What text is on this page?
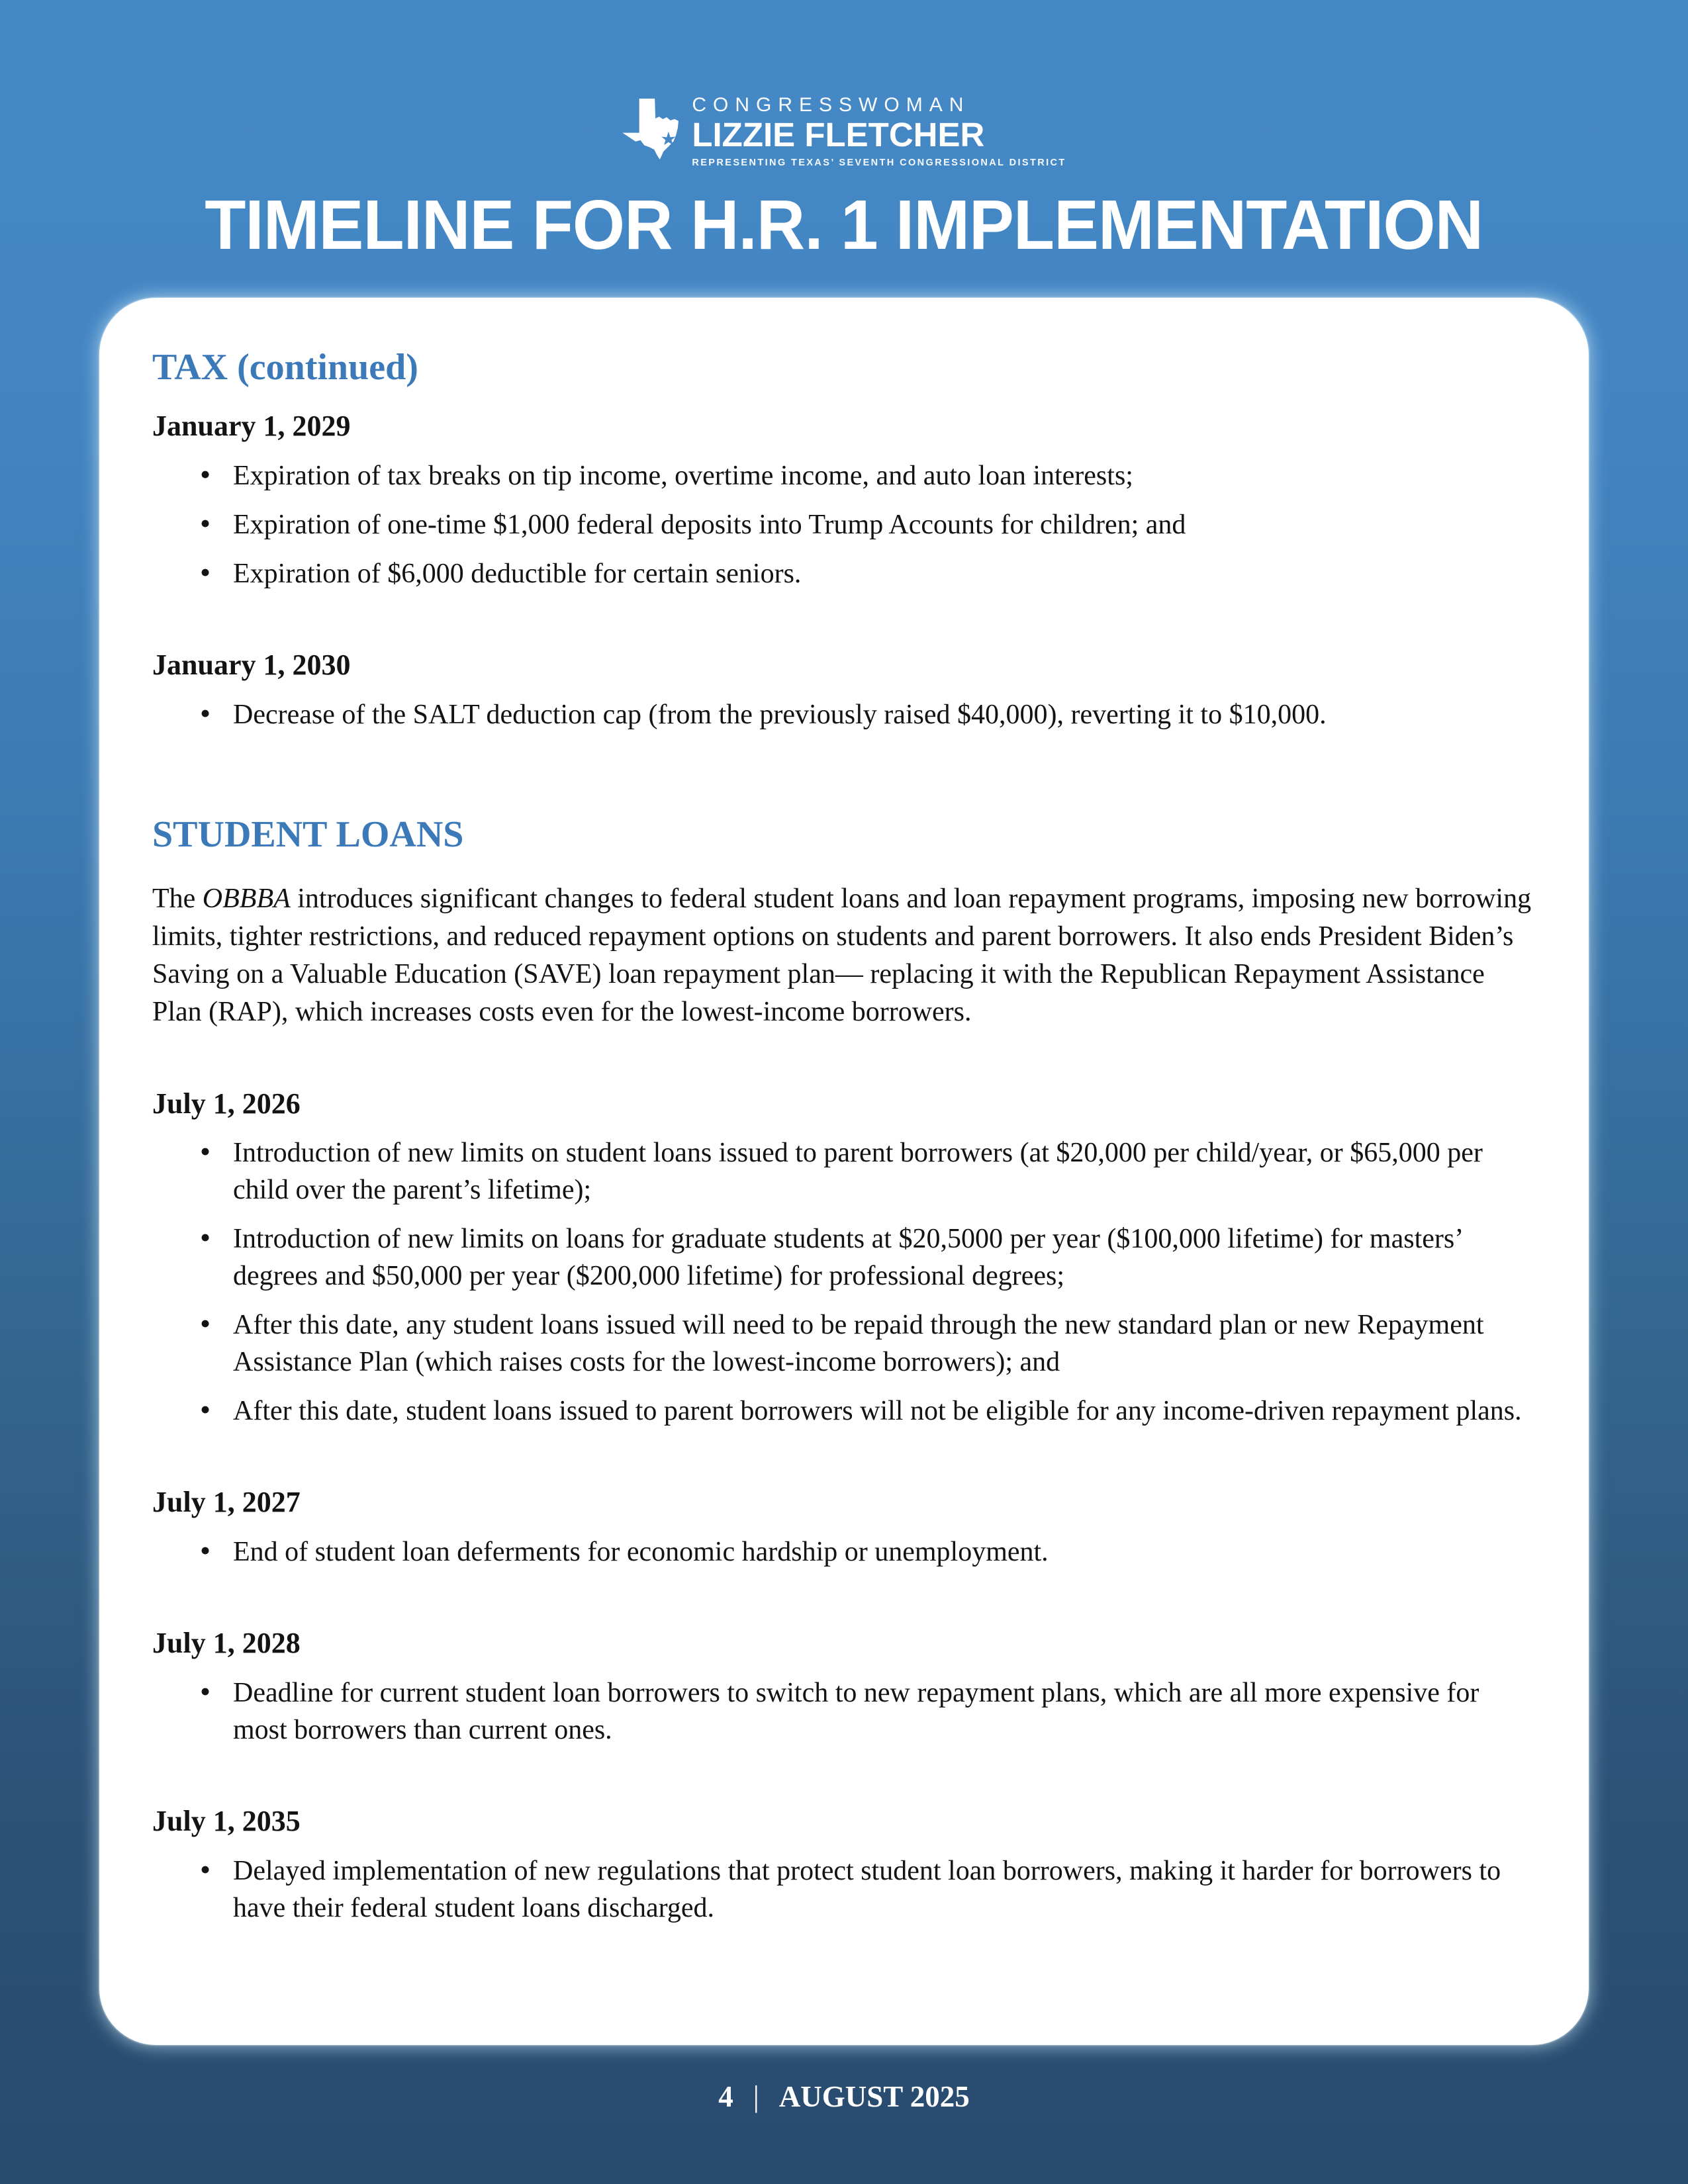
CONGRESSWOMAN
LIZZIE FLETCHER
REPRESENTING TEXAS’ SEVENTH CONGRESSIONAL DISTRICT
TIMELINE FOR H.R. 1 IMPLEMENTATION
TAX (continued)
January 1, 2029
• Expiration of tax breaks on tip income, overtime income, and auto loan interests;
• Expiration of one-time $1,000 federal deposits into Trump Accounts for children; and
• Expiration of $6,000 deductible for certain seniors.
January 1, 2030
• Decrease of the SALT deduction cap (from the previously raised $40,000), reverting it to $10,000.
STUDENT LOANS

The OBBBA introduces significant changes to federal student loans and loan repayment programs, imposing new borrowing limits, tighter restrictions, and reduced repayment options on students and parent borrowers. It also ends President Biden’s Saving on a Valuable Education (SAVE) loan repayment plan— replacing it with the Republican Repayment Assistance Plan (RAP), which increases costs even for the lowest-income borrowers.

July 1, 2026
• Introduction of new limits on student loans issued to parent borrowers (at $20,000 per child/year, or $65,000 per child over the parent’s lifetime);
• Introduction of new limits on loans for graduate students at $20,5000 per year ($100,000 lifetime) for masters’ degrees and $50,000 per year ($200,000 lifetime) for professional degrees;
• After this date, any student loans issued will need to be repaid through the new standard plan or new Repayment Assistance Plan (which raises costs for the lowest-income borrowers); and
• After this date, student loans issued to parent borrowers will not be eligible for any income-driven repayment plans.
July 1, 2027
• End of student loan deferments for economic hardship or unemployment.
July 1, 2028
• Deadline for current student loan borrowers to switch to new repayment plans, which are all more expensive for most borrowers than current ones.
July 1, 2035
• Delayed implementation of new regulations that protect student loan borrowers, making it harder for borrowers to have their federal student loans discharged.
4 | AUGUST 2025
